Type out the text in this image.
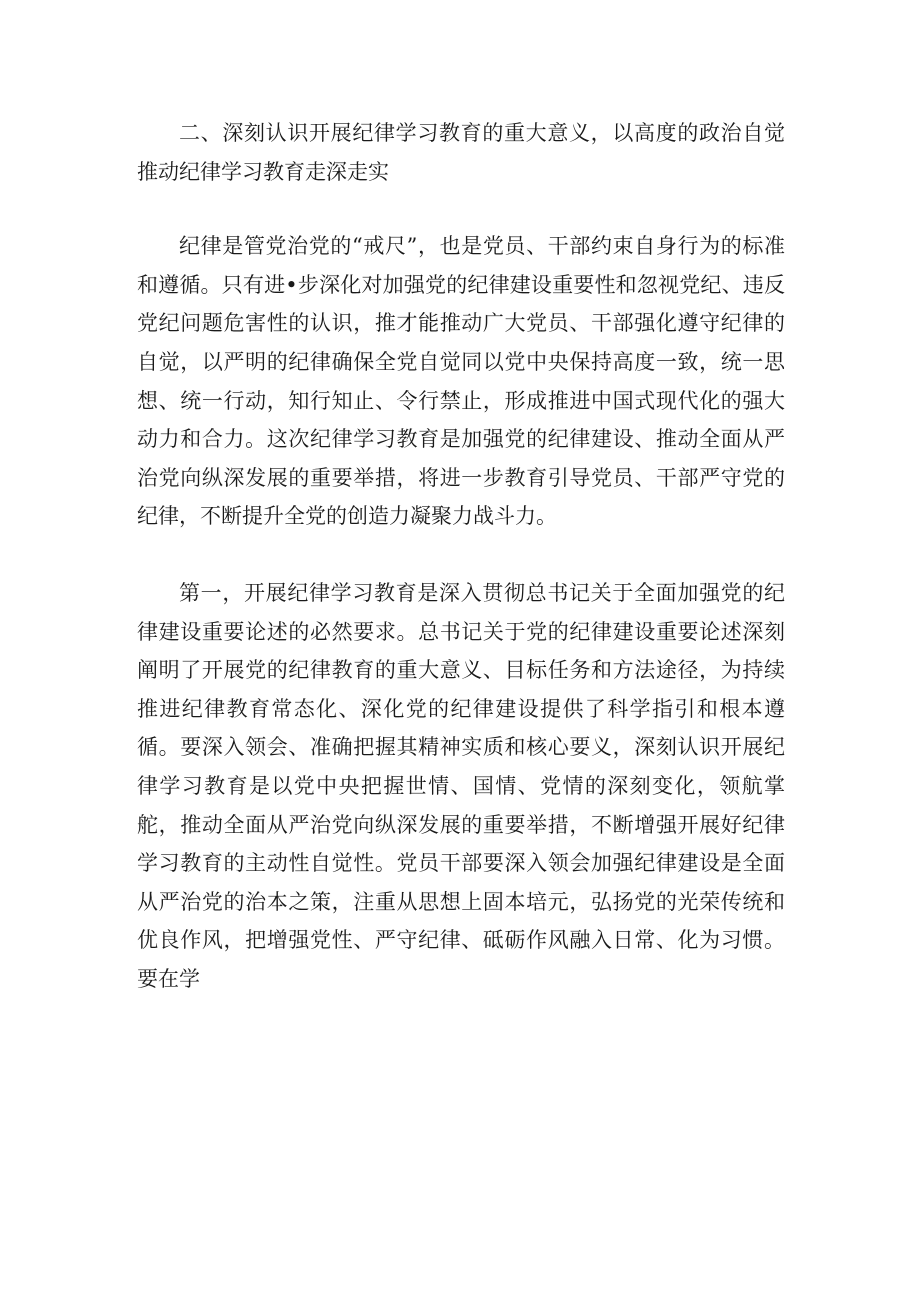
二、深刻认识开展纪律学习教育的重大意义，以高度的政治自觉推动纪律学习教育走深走实

纪律是管党治党的“戒尺”，也是党员、干部约束自身行为的标准和遵循。只有进•步深化对加强党的纪律建设重要性和忽视党纪、违反党纪问题危害性的认识，推才能推动广大党员、干部强化遵守纪律的自觉，以严明的纪律确保全党自觉同以党中央保持高度一致，统一思想、统一行动，知行知止、令行禁止，形成推进中国式现代化的强大动力和合力。这次纪律学习教育是加强党的纪律建设、推动全面从严治党向纵深发展的重要举措，将进一步教育引导党员、干部严守党的纪律，不断提升全党的创造力凝聚力战斗力。

第一，开展纪律学习教育是深入贯彻总书记关于全面加强党的纪律建设重要论述的必然要求。总书记关于党的纪律建设重要论述深刻阐明了开展党的纪律教育的重大意义、目标任务和方法途径，为持续推进纪律教育常态化、深化党的纪律建设提供了科学指引和根本遵循。要深入领会、准确把握其精神实质和核心要义，深刻认识开展纪律学习教育是以党中央把握世情、国情、党情的深刻变化，领航掌舵，推动全面从严治党向纵深发展的重要举措，不断增强开展好纪律学习教育的主动性自觉性。党员干部要深入领会加强纪律建设是全面从严治党的治本之策，注重从思想上固本培元，弘扬党的光荣传统和优良作风，把增强党性、严守纪律、砥砺作风融入日常、化为习惯。要在学
